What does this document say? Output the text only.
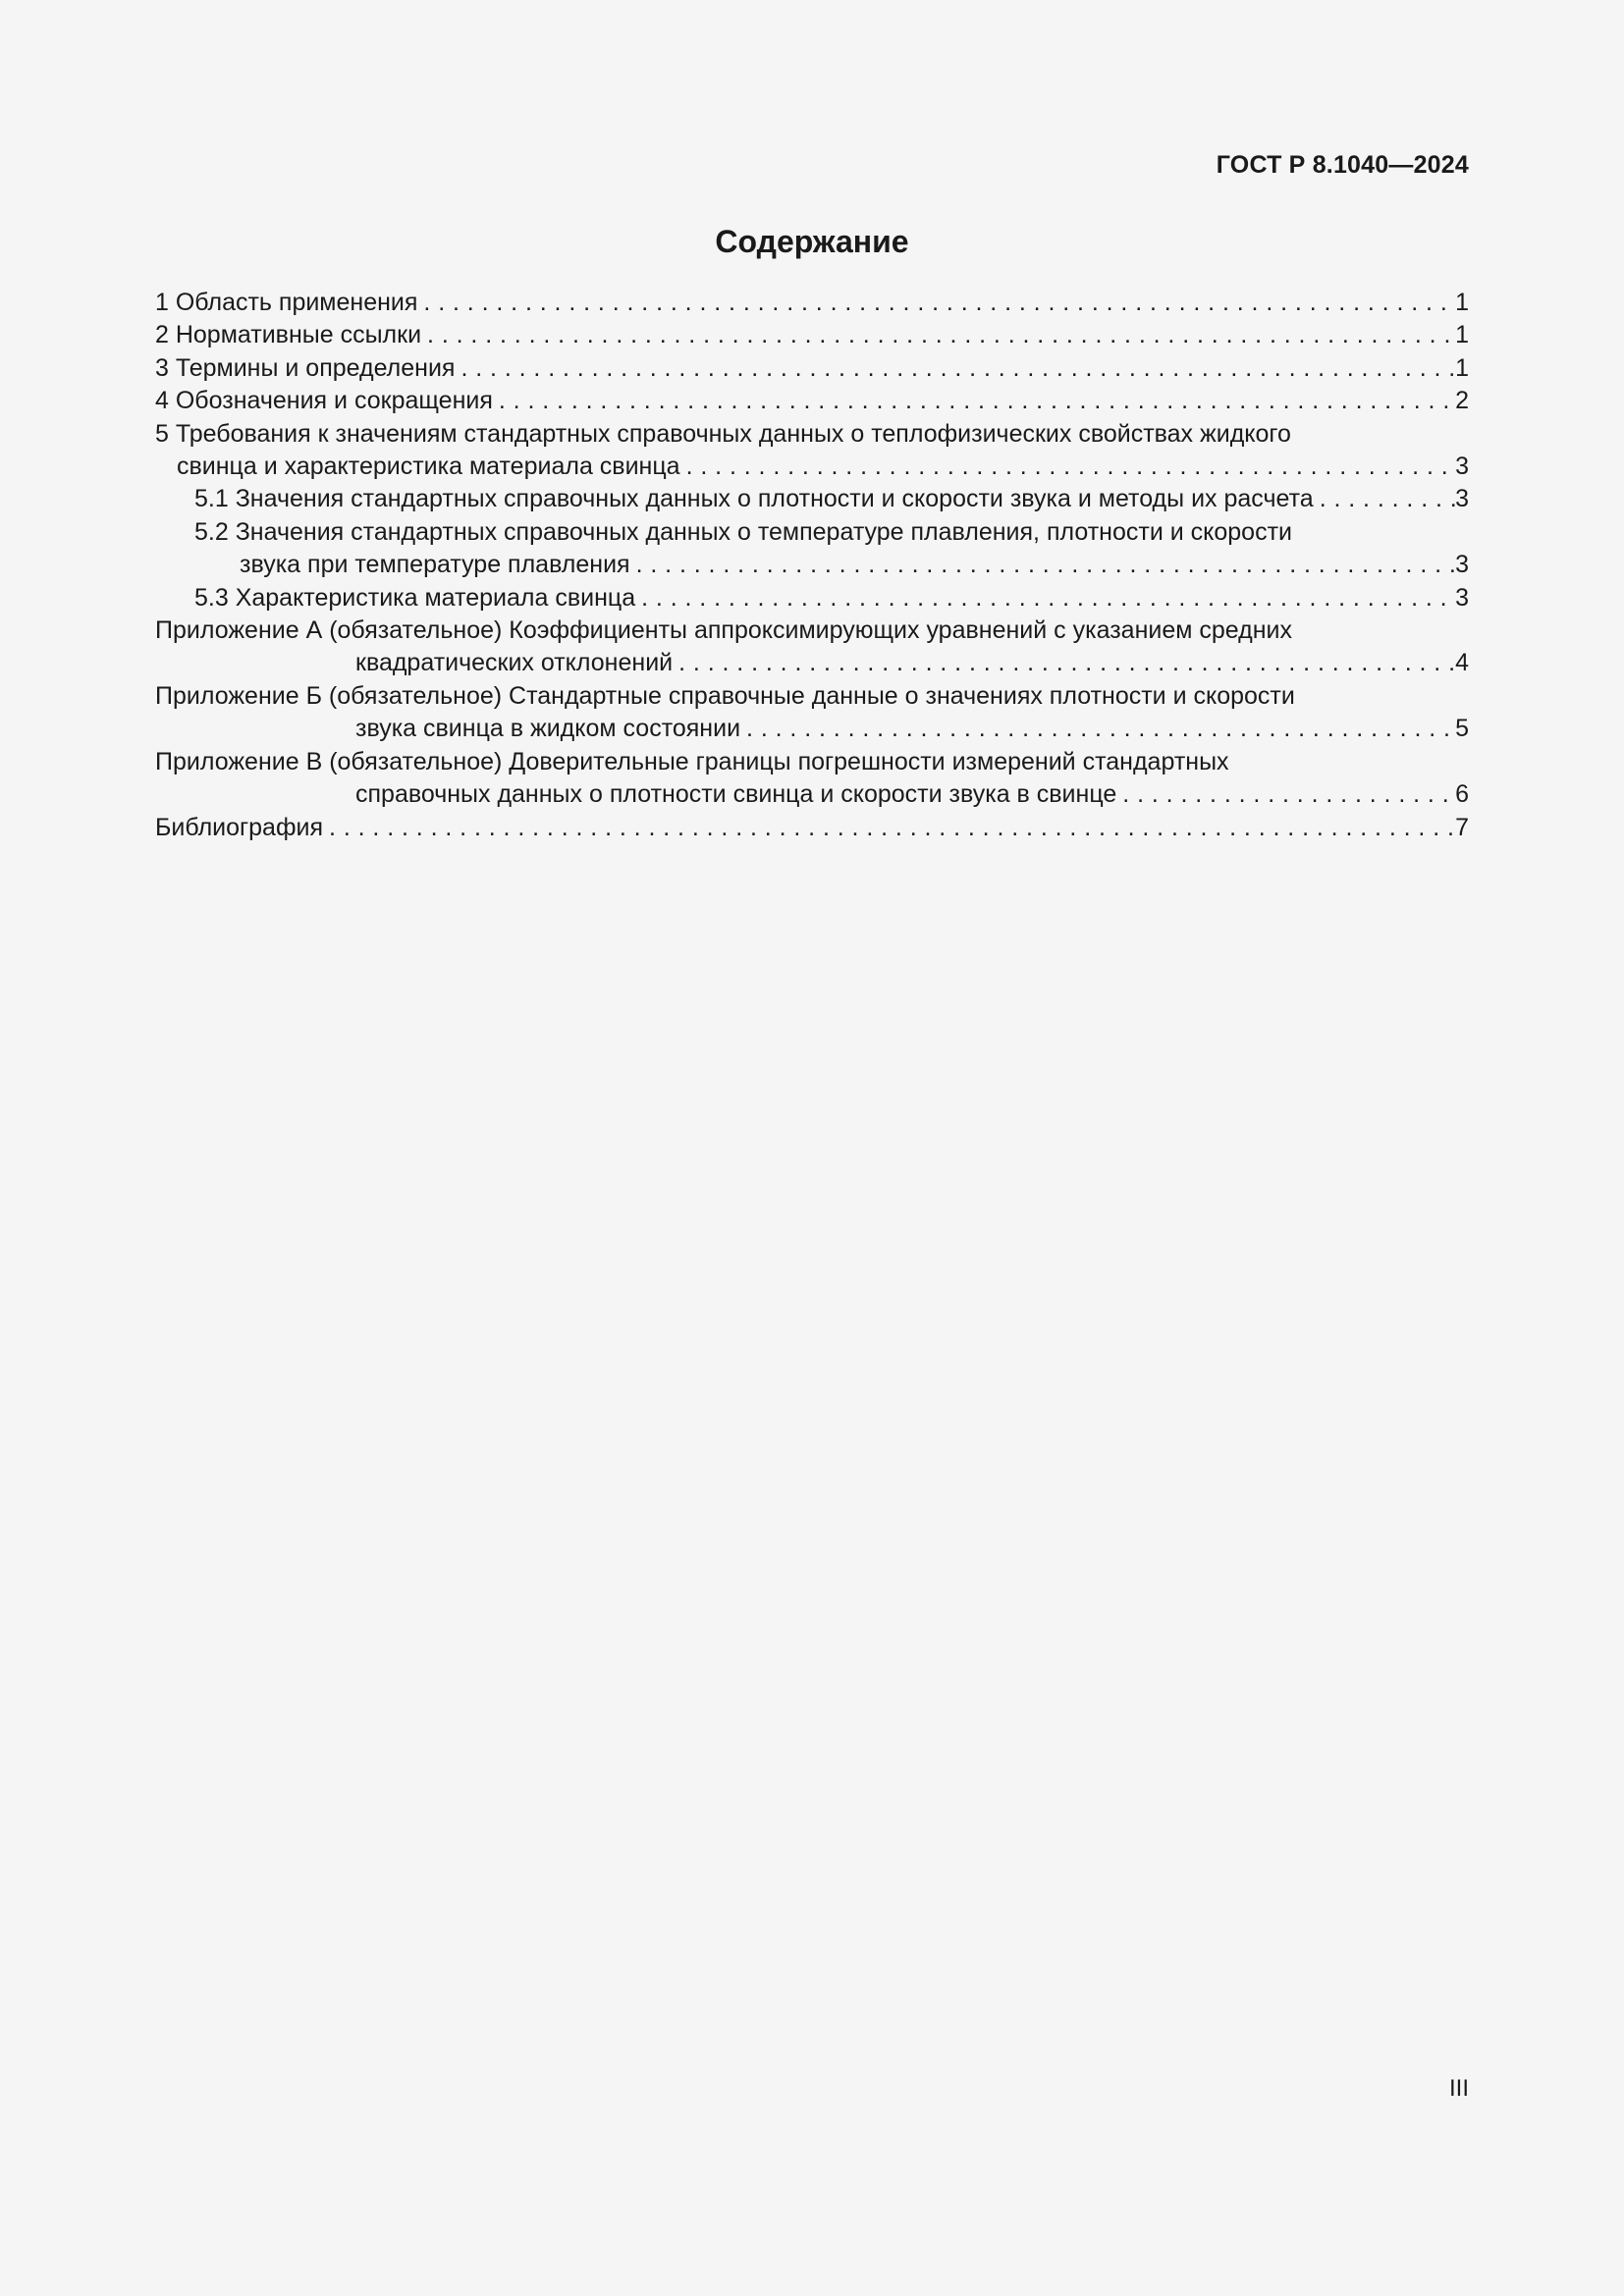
ГОСТ Р 8.1040—2024
Содержание
1 Область применения . . .	1
2 Нормативные ссылки . . .	1
3 Термины и определения . . .	1
4 Обозначения и сокращения . . .	2
5 Требования к значениям стандартных справочных данных о теплофизических свойствах жидкого
свинца и характеристика материала свинца . . .	3
5.1 Значения стандартных справочных данных о плотности и скорости звука и методы их расчета . . .	3
5.2 Значения стандартных справочных данных о температуре плавления, плотности и скорости
звука при температуре плавления . . .	3
5.3 Характеристика материала свинца . . .	3
Приложение А (обязательное) Коэффициенты аппроксимирующих уравнений с указанием средних
квадратических отклонений . . .	4
Приложение Б (обязательное) Стандартные справочные данные о значениях плотности и скорости
звука свинца в жидком состоянии . . .	5
Приложение В (обязательное) Доверительные границы погрешности измерений стандартных
справочных данных о плотности свинца и скорости звука в свинце . . .	6
Библиография . . .	7
III
